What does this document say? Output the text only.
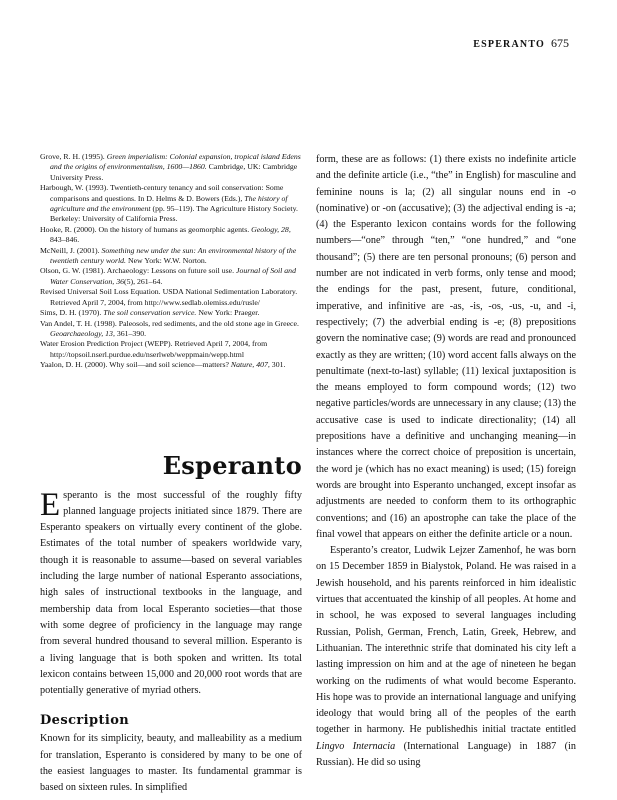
ESPERANTO 675

Grove, R. H. (1995). Green imperialism: Colonial expansion, tropical island Edens and the origins of environmentalism, 1600—1860. Cambridge, UK: Cambridge University Press.

Harbough, W. (1993). Twentieth-century tenancy and soil conservation: Some comparisons and questions. In D. Helms & D. Bowers (Eds.), The history of agriculture and the environment (pp. 95–119). The Agriculture History Society. Berkeley: University of California Press.

Hooke, R. (2000). On the history of humans as geomorphic agents. Geology, 28, 843–846.

McNeill, J. (2001). Something new under the sun: An environmental history of the twentieth century world. New York: W.W. Norton.

Olson, G. W. (1981). Archaeology: Lessons on future soil use. Journal of Soil and Water Conservation, 36(5), 261–64.

Revised Universal Soil Loss Equation. USDA National Sedimentation Laboratory. Retrieved April 7, 2004, from http://www.sedlab.olemiss.edu/rusle/

Sims, D. H. (1970). The soil conservation service. New York: Praeger.

Van Andel, T. H. (1998). Paleosols, red sediments, and the old stone age in Greece. Geoarchaeology, 13, 361–390.

Water Erosion Prediction Project (WEPP). Retrieved April 7, 2004, from http://topsoil.nserl.purdue.edu/nserlweb/weppmain/wepp.html

Yaalon, D. H. (2000). Why soil—and soil science—matters? Nature, 407, 301.

Esperanto

Esperanto is the most successful of the roughly fifty planned language projects initiated since 1879. There are Esperanto speakers on virtually every continent of the globe. Estimates of the total number of speakers worldwide vary, though it is reasonable to assume—based on several variables including the large number of national Esperanto associations, high sales of instructional textbooks in the language, and membership data from local Esperanto societies—that those with some degree of proficiency in the language may range from several hundred thousand to several million. Esperanto is a living language that is both spoken and written. Its total lexicon contains between 15,000 and 20,000 root words that are potentially generative of myriad others.

Description

Known for its simplicity, beauty, and malleability as a medium for translation, Esperanto is considered by many to be one of the easiest languages to master. Its fundamental grammar is based on sixteen rules. In simplified

form, these are as follows: (1) there exists no indefinite article and the definite article (i.e., “the” in English) for masculine and feminine nouns is la; (2) all singular nouns end in -o (nominative) or -on (accusative); (3) the adjectival ending is -a; (4) the Esperanto lexicon contains words for the following numbers—“one” through “ten,” “one hundred,” and “one thousand”; (5) there are ten personal pronouns; (6) person and number are not indicated in verb forms, only tense and mood; the endings for the past, present, future, conditional, imperative, and infinitive are -as, -is, -os, -us, -u, and -i, respectively; (7) the adverbial ending is -e; (8) prepositions govern the nominative case; (9) words are read and pronounced exactly as they are written; (10) word accent falls always on the penultimate (next-to-last) syllable; (11) lexical juxtaposition is the means employed to form compound words; (12) two negative particles/words are unnecessary in any clause; (13) the accusative case is used to indicate directionality; (14) all prepositions have a definitive and unchanging meaning—in instances where the correct choice of preposition is uncertain, the word je (which has no exact meaning) is used; (15) foreign words are brought into Esperanto unchanged, except insofar as adjustments are needed to conform them to its orthographic conventions; and (16) an apostrophe can take the place of the final vowel that appears on either the definite article or a noun.

Esperanto’s creator, Ludwik Lejzer Zamenhof, he was born on 15 December 1859 in Bialystok, Poland. He was raised in a Jewish household, and his parents reinforced in him idealistic virtues that accentuated the kinship of all peoples. At home and in school, he was exposed to several languages including Russian, Polish, German, French, Latin, Greek, Hebrew, and Lithuanian. The interethnic strife that dominated his city left a lasting impression on him and at the age of nineteen he began working on the rudiments of what would become Esperanto. His hope was to provide an international language and unifying ideology that would bring all of the peoples of the earth together in harmony. He publishedhis initial tractate entitled Lingvo Internacia (International Language) in 1887 (in Russian). He did so using
